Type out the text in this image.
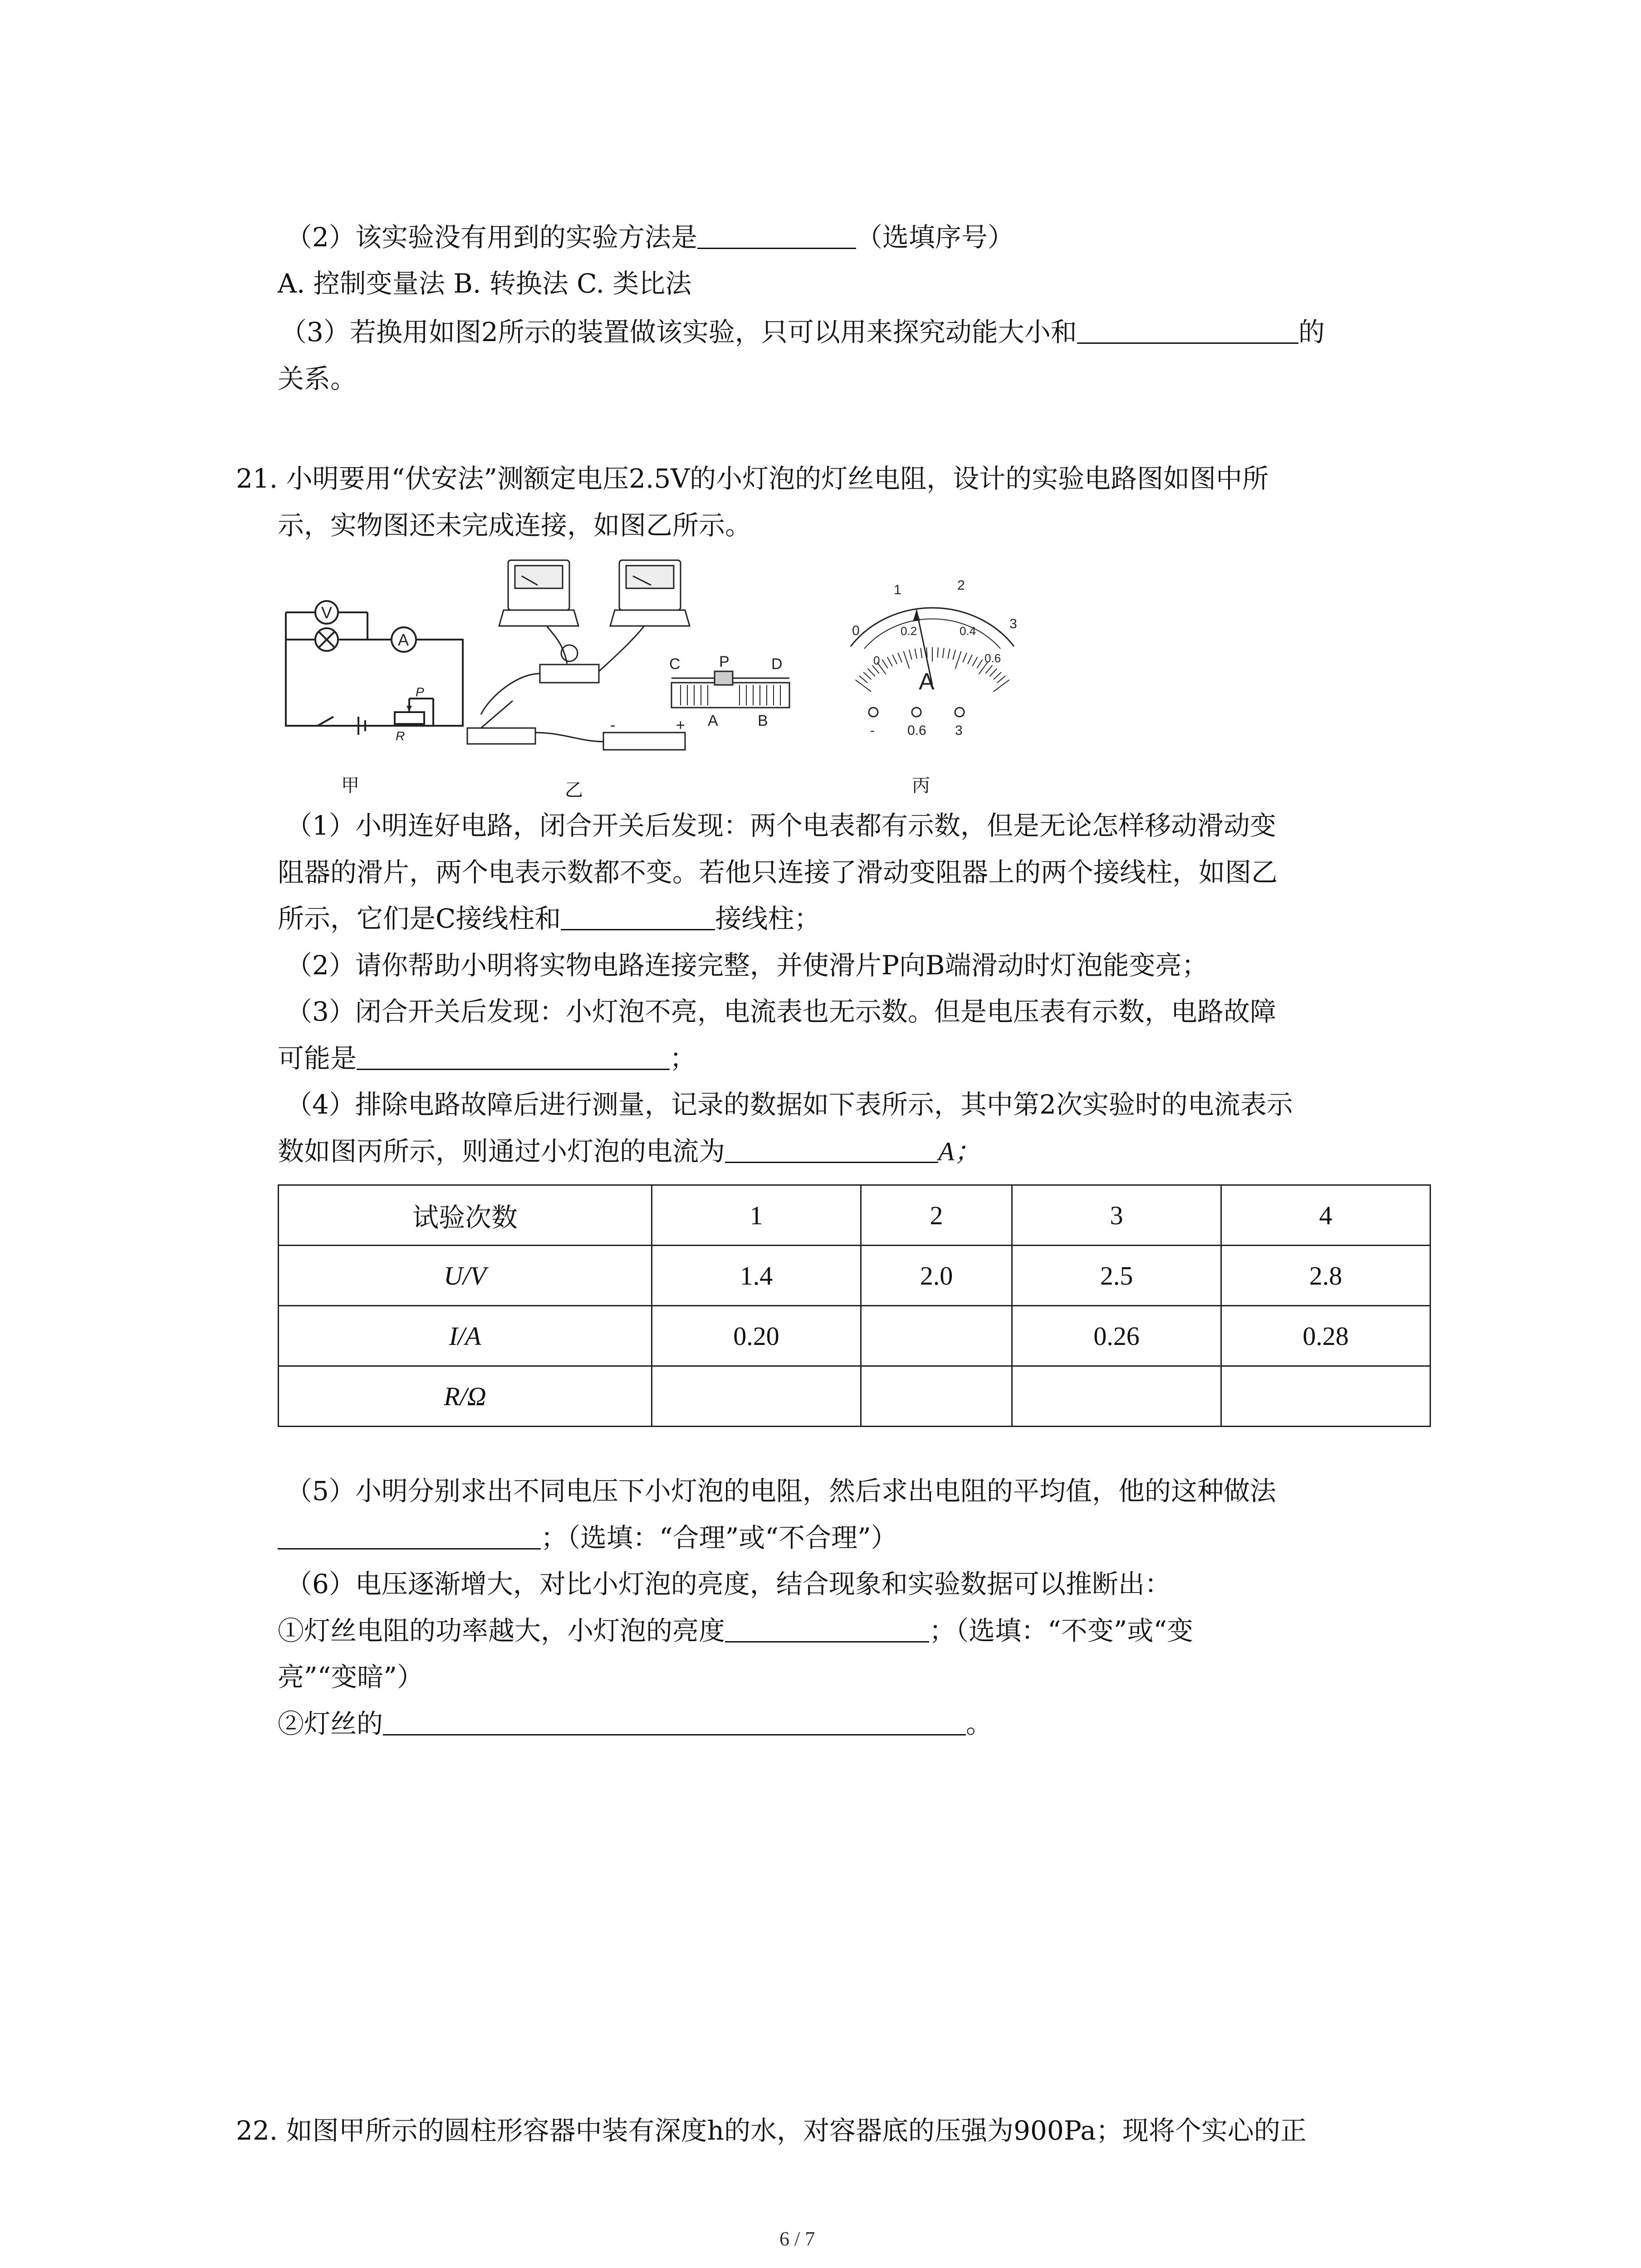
（2）该实验没有用到的实验方法是	（选填序号）
A. 控制变量法 B. 转换法 C. 类比法
（3）若换用如图2所示的装置做该实验，只可以用来探究动能大小和	的
关系。
21. 小明要用“伏安法”测额定电压2.5V的小灯泡的灯丝电阻，设计的实验电路图如图中所
示，实物图还未完成连接，如图乙所示。
V
A
R
P
C	P	D
A	B
-	+
0
1	2
3
0
0.2	0.4
0.6
A
- 0.6 3
甲	乙	丙
（1）小明连好电路，闭合开关后发现：两个电表都有示数，但是无论怎样移动滑动变
阻器的滑片，两个电表示数都不变。若他只连接了滑动变阻器上的两个接线柱，如图乙
所示，它们是C接线柱和	接线柱；
（2）请你帮助小明将实物电路连接完整，并使滑片P向B端滑动时灯泡能变亮；
（3）闭合开关后发现：小灯泡不亮，电流表也无示数。但是电压表有示数，电路故障
可能是	；
（4）排除电路故障后进行测量，记录的数据如下表所示，其中第2次实验时的电流表示
数如图丙所示，则通过小灯泡的电流为	A；
试验次数	1	2	3	4
U/V	1.4	2.0	2.5	2.8
I/A	0.20		0.26	0.28
R/Ω				
（5）小明分别求出不同电压下小灯泡的电阻，然后求出电阻的平均值，他的这种做法
；（选填：“合理”或“不合理”）
（6）电压逐渐增大，对比小灯泡的亮度，结合现象和实验数据可以推断出：
①灯丝电阻的功率越大，小灯泡的亮度	；（选填：“不变”或“变
亮”“变暗”）
②灯丝的	。
22. 如图甲所示的圆柱形容器中装有深度h的水，对容器底的压强为900Pa；现将个实心的正
6 / 7
